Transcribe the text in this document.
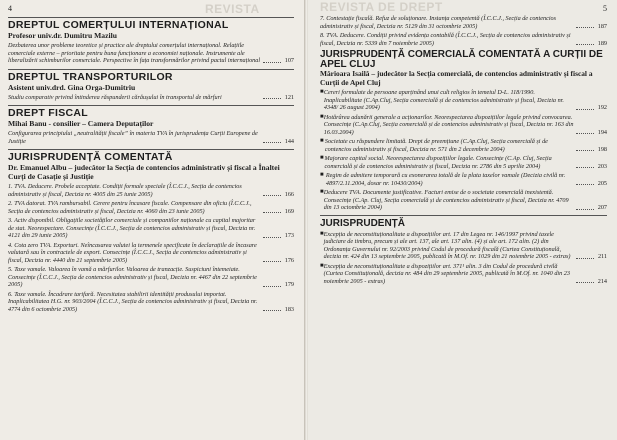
4	REVISTA
DREPTUL COMERȚULUI INTERNAȚIONAL
Profesor univ.dr. Dumitru Mazilu
Dezbaterea unor probleme teoretice și practice ale dreptului comerțului internațional. Relațiile comerciale externe – prioritate pentru buna funcționare a economiei naționale. Instrumente ale liberalizării schimburilor comerciale. Perspective în fața transformărilor privind pactul internațional	107
DREPTUL TRANSPORTURILOR
Asistent univ.drd. Gina Orga-Dumitriu
Studiu comparativ privind întinderea răspunderii cărăușului în transportul de mărfuri	121
DREPT FISCAL
Mihai Banu - consilier – Camera Deputaților
Configurarea principiului „neutralității fiscale” în materia TVA în jurisprudența Curții Europene de Justiție	144
JURISPRUDENȚĂ COMENTATĂ
Dr. Emanuel Albu – judecător la Secția de contencios administrativ și fiscal a Înaltei Curți de Casație și Justiție
1. TVA. Deducere. Probele acceptate. Condiții formale speciale (Î.C.C.J., Secția de contencios administrativ și fiscal, Decizia nr. 4005 din 25 iunie 2005)	166
2. TVA datorat. TVA rambursabil. Cerere pentru încasare fiscale. Compensare din oficiu (Î.C.C.J., Secția de contencios administrativ și fiscal, Decizia nr. 4060 din 23 iunie 2005)	169
3. Activ disponibil. Obligațiile societăților comerciale și companiilor naționale cu capital majoritar de stat. Neorespectare. Consecințe (Î.C.C.J., Secția de contencios administrativ și fiscal, Decizia nr. 4121 din 29 iunie 2005)	173
4. Cota zero TVA. Exporturi. Neîncasarea valutei la termenele specificate în declarațiile de încasare valutară sau în contractele de export. Consecințe (Î.C.C.J., Secția de contencios administrativ și fiscal, Decizia nr. 4440 din 21 septembrie 2005)	176
5. Taxe vamale. Valoarea în vamă a mărfurilor. Valoarea de tranzacție. Suspiciuni întemeiate. Consecințe (Î.C.C.J., Secția de contencios administrativ și fiscal, Decizia nr. 4467 din 22 septembrie 2005)	179
6. Taxe vamale. Încadrare tarifară. Necesitatea stabilirii identității produsului importat. Inaplicabilitatea H.G. nr. 903/2004 (Î.C.C.J., Secția de contencios administrativ și fiscal, Decizia nr. 4774 din 6 octombrie 2005)	183
REVISTA DE DREPT	5
7. Contestație fiscală. Refuz de soluționare. Instanța competentă (Î.C.C.J., Secția de contencios administrativ și fiscal, Decizia nr. 5129 din 31 octombrie 2005)	187
8. TVA. Deducere. Condiții privind evidența contabilă (Î.C.C.J., Secția de contencios administrativ și fiscal, Decizia nr. 5339 din 7 noiembrie 2005)	189
JURISPRUDENȚĂ COMERCIALĂ COMENTATĂ A CURȚII DE APEL CLUJ
Mărioara Isailă – judecător la Secția comercială, de contencios administrativ și fiscal a Curții de Apel Cluj
■ Cereri formulate de persoane aparținând unui cult religios în temeiul D-L. 118/1990. Inaplicabilitate (C.Ap.Cluj, Secția comercială și de contencios administrativ și fiscal, Decizia nr. 4348/ 26 august 2004)	192
■ Hotărârea adunării generale a acționarilor. Neorespectarea dispozițiilor legale privind convocarea. Consecințe (C.Ap.Cluj, Secția comercială și de contencios administrativ și fiscal, Decizia nr. 163 din 16.03.2004)	194
■ Societate cu răspundere limitată. Drept de preemțiune (C.Ap.Cluj, Secția comercială și de contencios administrativ și fiscal, Decizia nr. 571 din 2 decembrie 2004)	198
■ Majorare capital social. Neorespectarea dispozițiilor legale. Consecințe (C.Ap. Cluj, Secția comercială și de contencios administrativ și fiscal, Decizia nr. 2786 din 5 aprilie 2004)	203
■ Regim de admitere temporară cu exonerarea totală de la plata taxelor vamale (Decizia civilă nr. 4897/2.11.2004, dosar nr. 10430/2004)	205
■ Deducere TVA. Documente justificative. Facturi emise de o societate comercială inexistentă. Consecințe (C.Ap. Cluj, Secția comercială și de contencios administrativ și fiscal, Decizia nr. 4709 din 13 octombrie 2004)	207
JURISPRUDENȚĂ
■ Excepția de neconstituționalitate a dispozițiilor art. 17 din Legea nr. 146/1997 privind taxele judiciare de timbru, precum și ale art. 137, ale art. 137 alin. (4) și ale art. 172 alin. (2) din Ordonanța Guvernului nr. 92/2003 privind Codul de procedură fiscală (Curtea Constituțională, decizia nr. 424 din 13 septembrie 2005, publicată în M.Of. nr. 1029 din 21 noiembrie 2005 - extras)	211
■ Excepția de neconstituționalitate a dispozițiilor art. 371¹ alin. 3 din Codul de procedură civilă (Curtea Constituțională, decizia nr. 484 din 29 septembrie 2005, publicată în M.Of. nr. 1040 din 23 noiembrie 2005 - extras)	214
